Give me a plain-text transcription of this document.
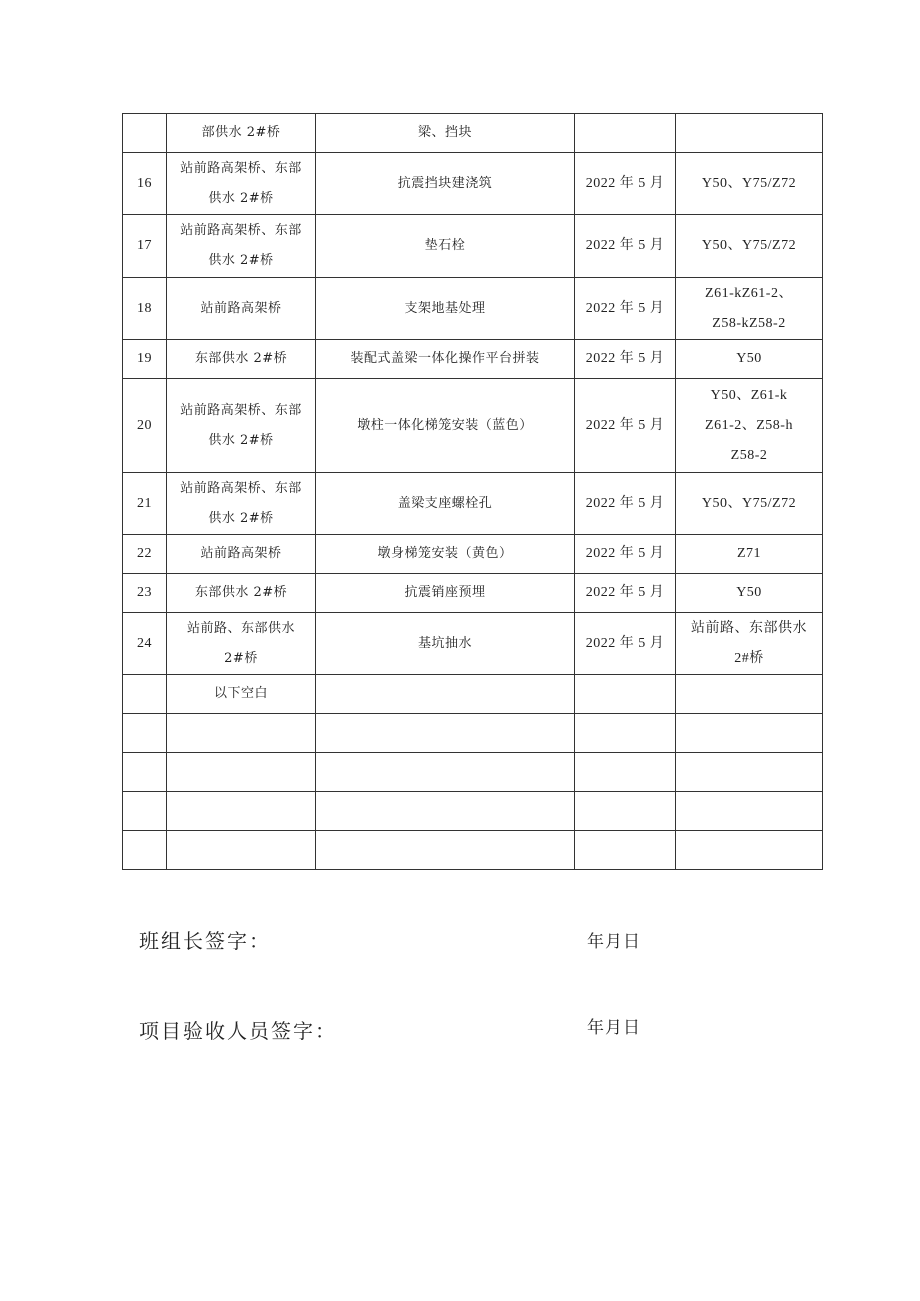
	部供水 2#桥	梁、挡块		

16	站前路高架桥、东部
供水 2#桥	抗震挡块建浇筑	2022 年 5 月	Y50、Y75/Z72

17	站前路高架桥、东部
供水 2#桥	垫石栓	2022 年 5 月	Y50、Y75/Z72

18	站前路高架桥	支架地基处理	2022 年 5 月	Z61-kZ61-2、
Z58-kZ58-2

19	东部供水 2#桥	装配式盖梁一体化操作平台拼装	2022 年 5 月	Y50

20	站前路高架桥、东部
供水 2#桥	墩柱一体化梯笼安装（蓝色）	2022 年 5 月	Y50、Z61-k
Z61-2、Z58-h
Z58-2

21	站前路高架桥、东部
供水 2#桥	盖梁支座螺栓孔	2022 年 5 月	Y50、Y75/Z72

22	站前路高架桥	墩身梯笼安装（黄色）	2022 年 5 月	Z71

23	东部供水 2#桥	抗震销座预埋	2022 年 5 月	Y50

24	站前路、东部供水
2#桥	基坑抽水	2022 年 5 月	站前路、东部供水
2#桥

	以下空白			

班组长签字：	年月日
项目验收人员签字：	年月日
